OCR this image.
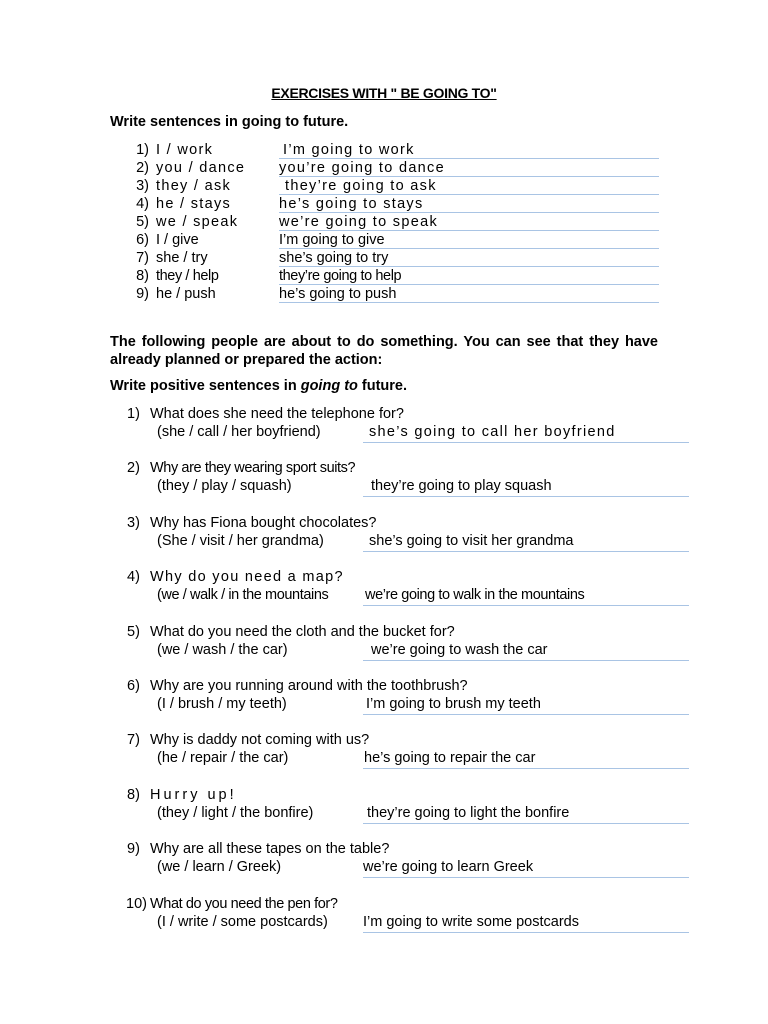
EXERCISES WITH " BE GOING TO"
Write sentences in going to future.
1) I / work	I’m going to work
2) you / dance you’re going to dance
3) they / ask	they’re going to ask
4) he / stays	he’s going to stays
5) we / speak	we’re going to speak
6) I / give	I’m going to give
7) she / try	she’s going to try
8) they / help	they’re going to help
9) he / push	he’s going to push
The following people are about to do something. You can see that they have already planned or prepared the action:
Write positive sentences in going to future.
1) What does she need the telephone for?
(she / call / her boyfriend)	she’s going to call her boyfriend
2) Why are they wearing sport suits?
(they / play / squash)	they’re going to play squash
3) Why has Fiona bought chocolates?
(She / visit / her grandma)	she’s going to visit her grandma
4) Why do you need a map?
(we / walk / in the mountains	we’re going to walk in the mountains
5) What do you need the cloth and the bucket for?
(we / wash / the car)	we’re going to wash the car
6) Why are you running around with the toothbrush?
(I / brush / my teeth)	I’m going to brush my teeth
7) Why is daddy not coming with us?
(he / repair / the car)	he’s going to repair the car
8) Hurry up!
(they / light / the bonfire)	they’re going to light the bonfire
9) Why are all these tapes on the table?
(we / learn / Greek)	we’re going to learn Greek
10) What do you need the pen for?
(I / write / some postcards) I’m going to write some postcards
